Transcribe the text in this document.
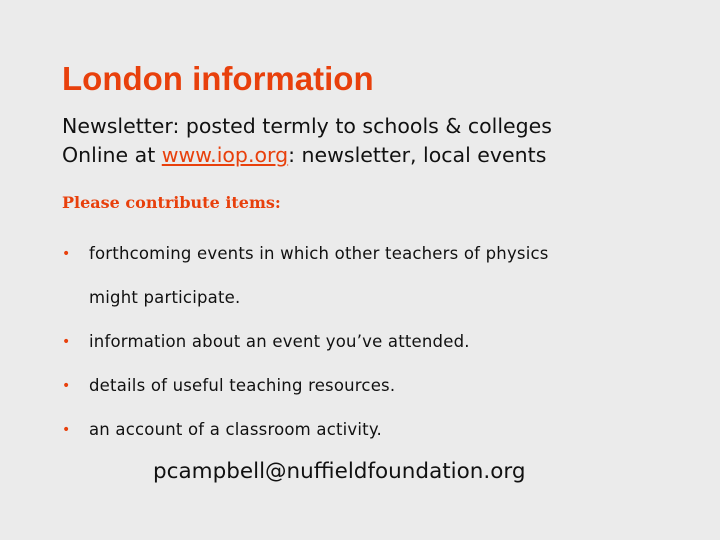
London information

Newsletter: posted termly to schools & colleges
Online at www.iop.org: newsletter, local events

Please contribute items:

• forthcoming events in which other teachers of physics
might participate.
• information about an event you’ve attended.
• details of useful teaching resources.
• an account of a classroom activity.

pcampbell@nuffieldfoundation.org
